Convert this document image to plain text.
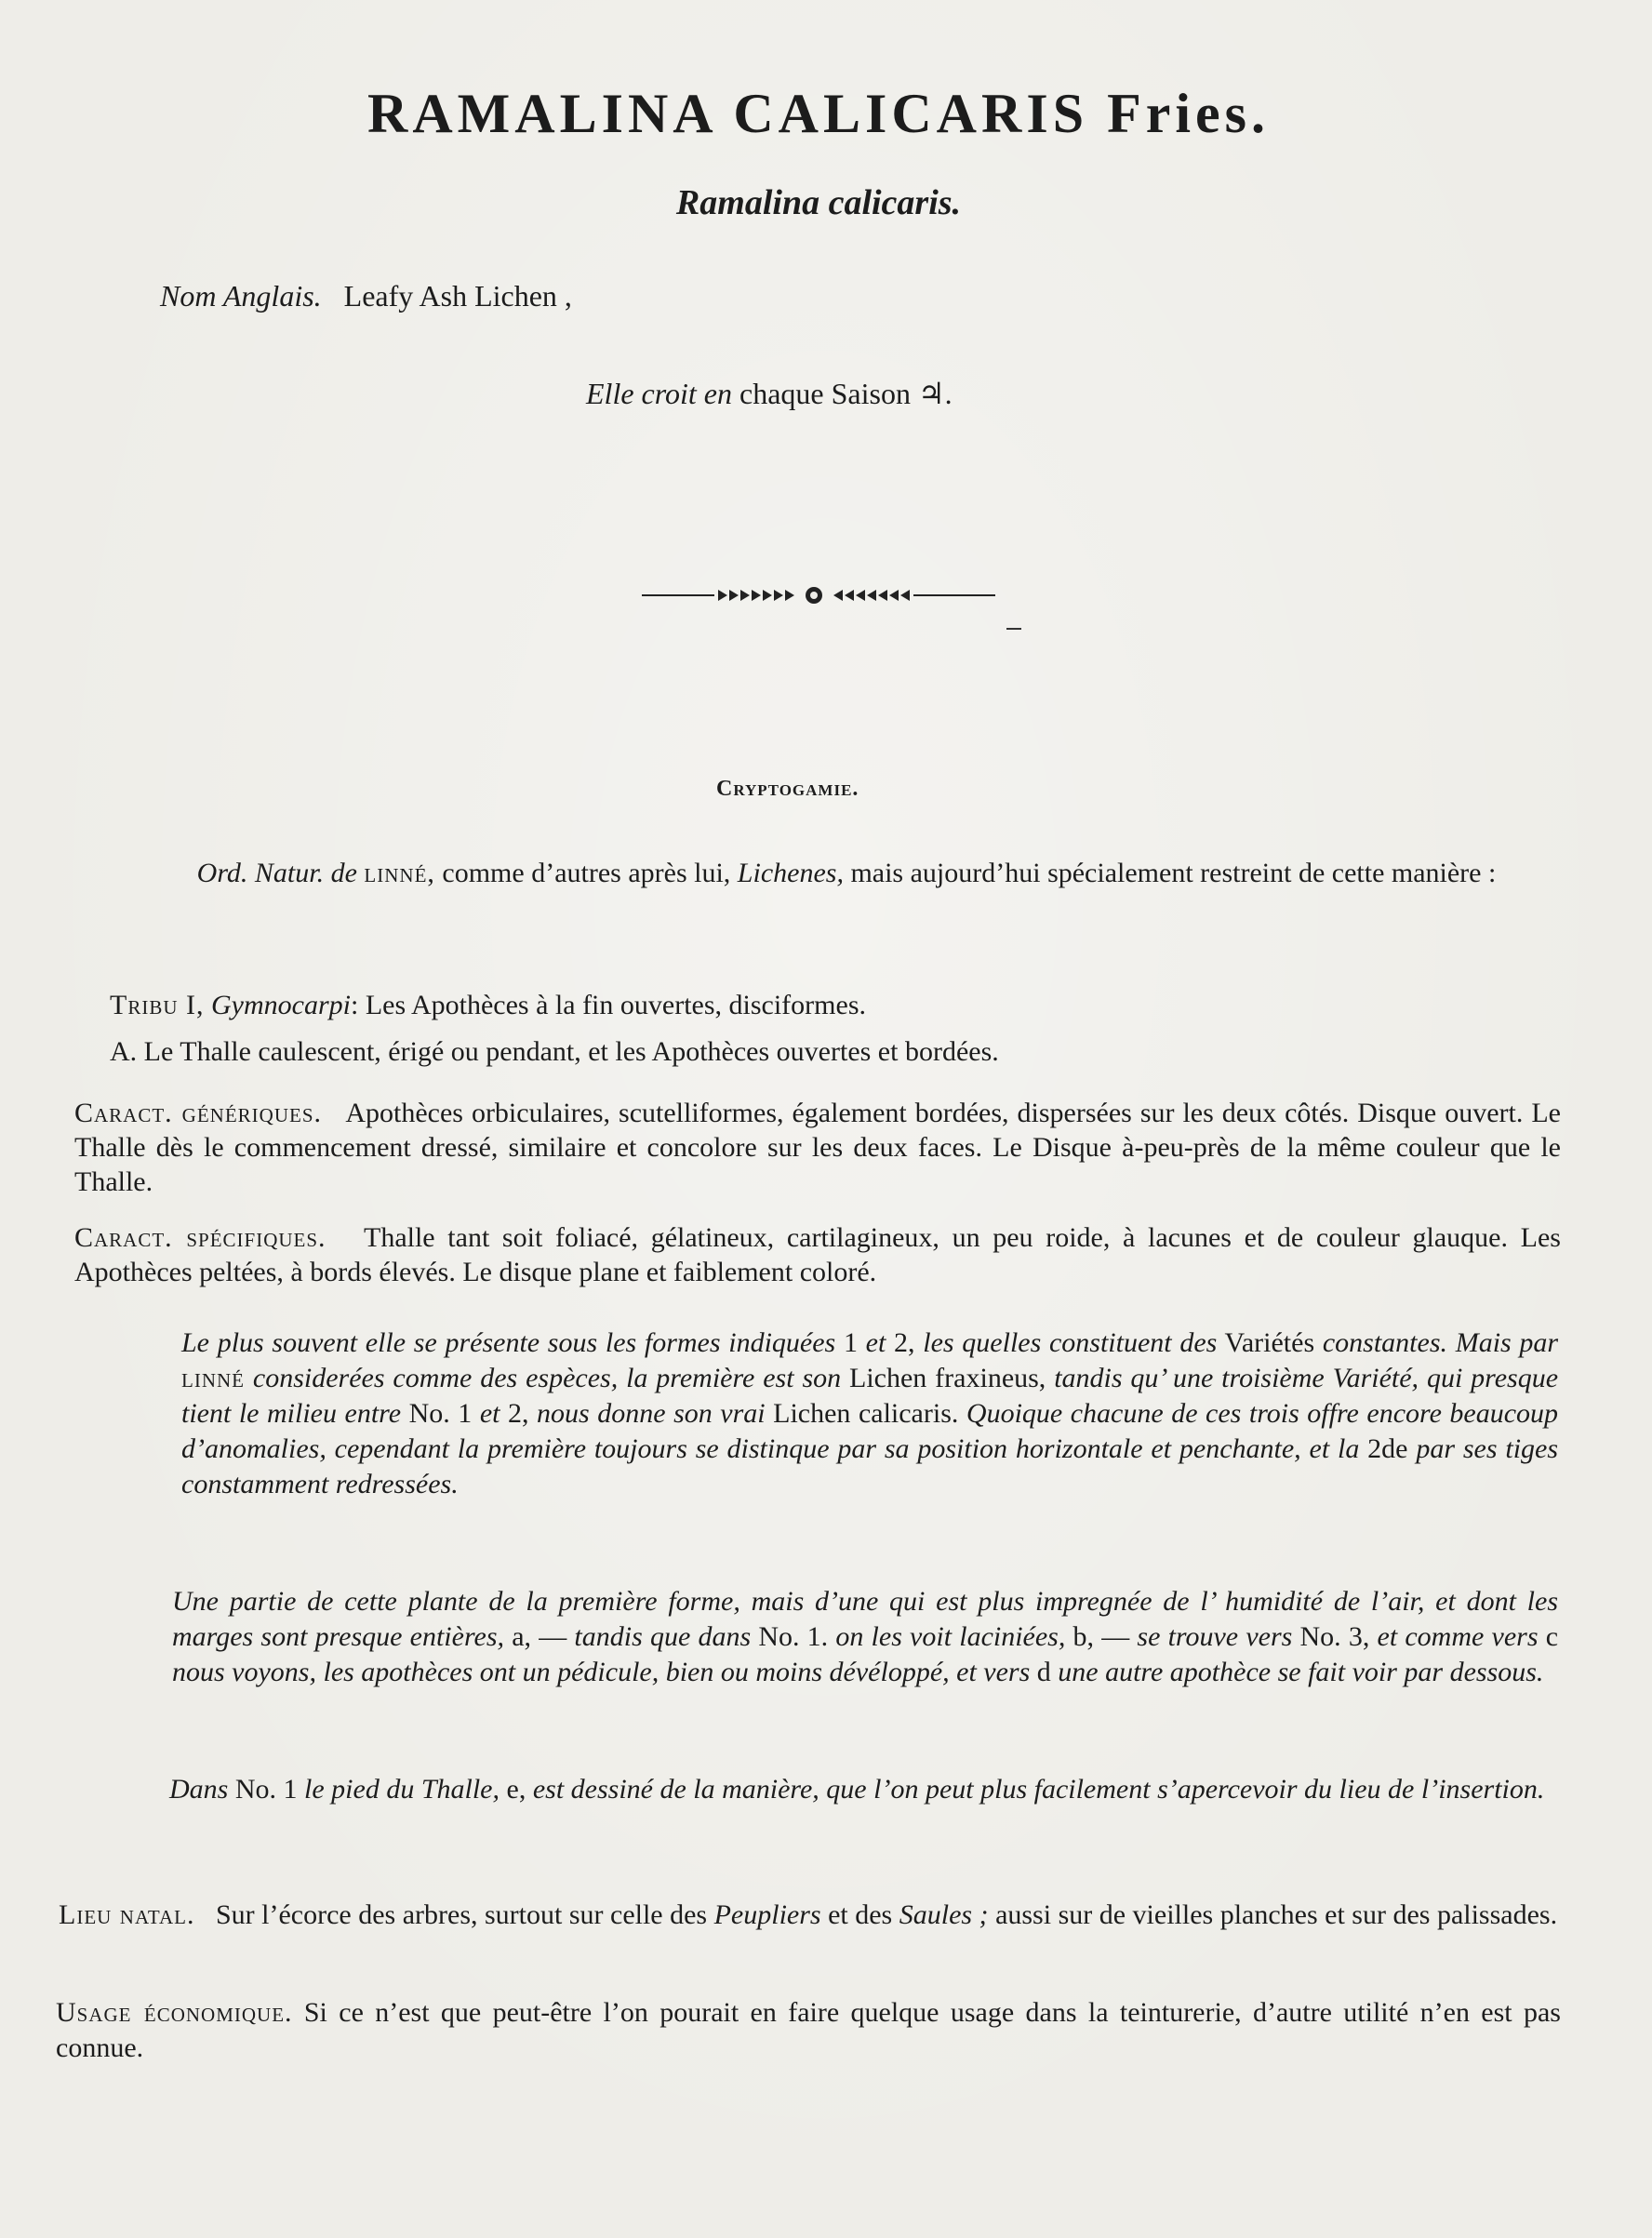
RAMALINA CALICARIS Fries.
Ramalina calicaris.

Nom Anglais. Leafy Ash Lichen ,

Elle croit en chaque Saison ♃.

Cryptogamie.

Ord. Natur. de linné, comme d’autres après lui, Lichenes, mais aujourd’hui spécialement restreint de cette manière :

Tribu I, Gymnocarpi: Les Apothèces à la fin ouvertes, disciformes.

A. Le Thalle caulescent, érigé ou pendant, et les Apothèces ouvertes et bordées.

Caract. génériques. Apothèces orbiculaires, scutelliformes, également bordées, dispersées sur les deux côtés. Disque ouvert. Le Thalle dès le commencement dressé, similaire et concolore sur les deux faces. Le Disque à-peu-près de la même couleur que le Thalle.

Caract. spécifiques. Thalle tant soit foliacé, gélatineux, cartilagineux, un peu roide, à lacunes et de couleur glauque. Les Apothèces peltées, à bords élevés. Le disque plane et faiblement coloré.

Le plus souvent elle se présente sous les formes indiquées 1 et 2, les quelles constituent des Variétés constantes. Mais par linné considerées comme des espèces, la première est son Lichen fraxineus, tandis qu’ une troisième Variété, qui presque tient le milieu entre No. 1 et 2, nous donne son vrai Lichen calicaris. Quoique chacune de ces trois offre encore beaucoup d’anomalies, cependant la première toujours se distinque par sa position horizontale et penchante, et la 2de par ses tiges constamment redressées.

Une partie de cette plante de la première forme, mais d’une qui est plus impregnée de l’ humidité de l’air, et dont les marges sont presque entières, a, — tandis que dans No. 1. on les voit laciniées, b, — se trouve vers No. 3, et comme vers c nous voyons, les apothèces ont un pédicule, bien ou moins dévéloppé, et vers d une autre apothèce se fait voir par dessous.

Dans No. 1 le pied du Thalle, e, est dessiné de la manière, que l’on peut plus facilement s’apercevoir du lieu de l’insertion.

Lieu natal. Sur l’écorce des arbres, surtout sur celle des Peupliers et des Saules ; aussi sur de vieilles planches et sur des palissades.

Usage économique. Si ce n’est que peut-être l’on pourait en faire quelque usage dans la teinturerie, d’autre utilité n’en est pas connue.
